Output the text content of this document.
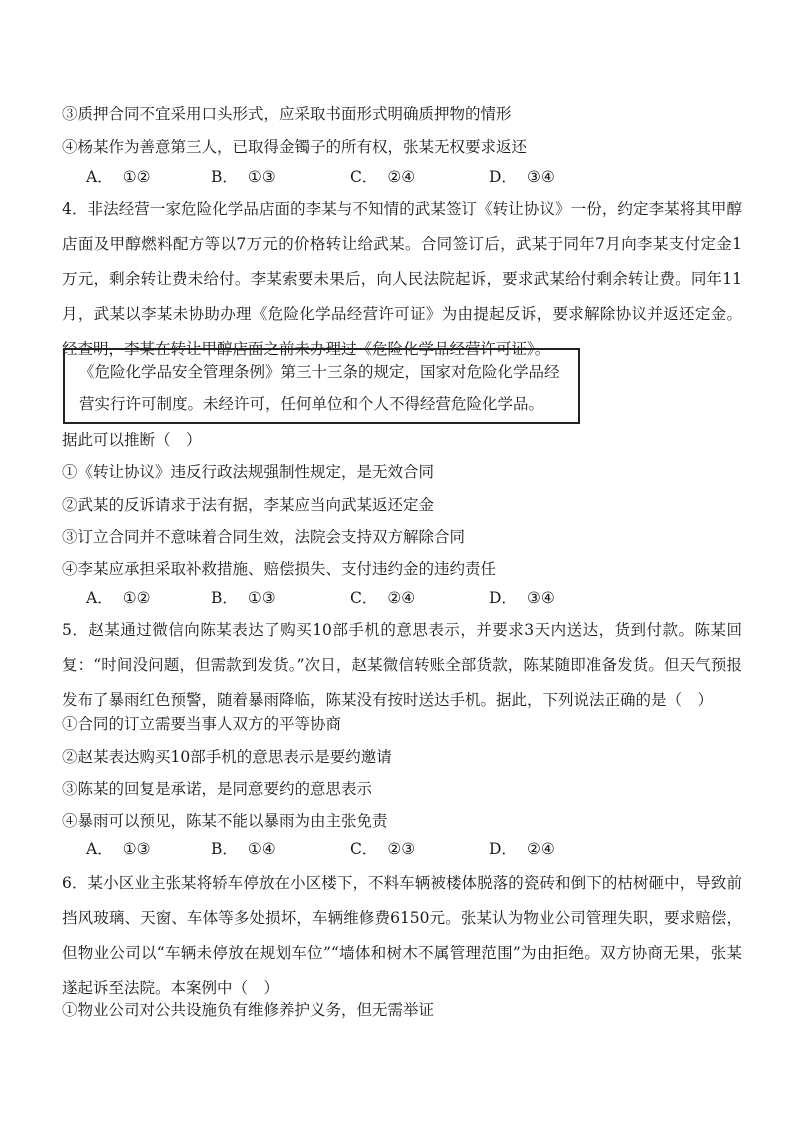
③质押合同不宜采用口头形式，应采取书面形式明确质押物的情形
④杨某作为善意第三人，已取得金镯子的所有权，张某无权要求返还
A． ①②	B． ①③	C． ②④	D． ③④
4．非法经营一家危险化学品店面的李某与不知情的武某签订《转让协议》一份，约定李某将其甲醇店面及甲醇燃料配方等以7万元的价格转让给武某。合同签订后，武某于同年7月向李某支付定金1万元，剩余转让费未给付。李某索要未果后，向人民法院起诉，要求武某给付剩余转让费。同年11月，武某以李某未协助办理《危险化学品经营许可证》为由提起反诉，要求解除协议并返还定金。经查明，李某在转让甲醇店面之前未办理过《危险化学品经营许可证》。
《危险化学品安全管理条例》第三十三条的规定，国家对危险化学品经营实行许可制度。未经许可，任何单位和个人不得经营危险化学品。
据此可以推断（　）
①《转让协议》违反行政法规强制性规定，是无效合同
②武某的反诉请求于法有据，李某应当向武某返还定金
③订立合同并不意味着合同生效，法院会支持双方解除合同
④李某应承担采取补救措施、赔偿损失、支付违约金的违约责任
A． ①②	B． ①③	C． ②④	D． ③④
5．赵某通过微信向陈某表达了购买10部手机的意思表示，并要求3天内送达，货到付款。陈某回复：“时间没问题，但需款到发货。”次日，赵某微信转账全部货款，陈某随即准备发货。但天气预报发布了暴雨红色预警，随着暴雨降临，陈某没有按时送达手机。据此，下列说法正确的是（　）
①合同的订立需要当事人双方的平等协商
②赵某表达购买10部手机的意思表示是要约邀请
③陈某的回复是承诺，是同意要约的意思表示
④暴雨可以预见，陈某不能以暴雨为由主张免责
A． ①③	B． ①④	C． ②③	D． ②④
6．某小区业主张某将轿车停放在小区楼下，不料车辆被楼体脱落的瓷砖和倒下的枯树砸中，导致前挡风玻璃、天窗、车体等多处损坏，车辆维修费6150元。张某认为物业公司管理失职，要求赔偿，但物业公司以“车辆未停放在规划车位”“墙体和树木不属管理范围”为由拒绝。双方协商无果，张某遂起诉至法院。本案例中（　）
①物业公司对公共设施负有维修养护义务，但无需举证
